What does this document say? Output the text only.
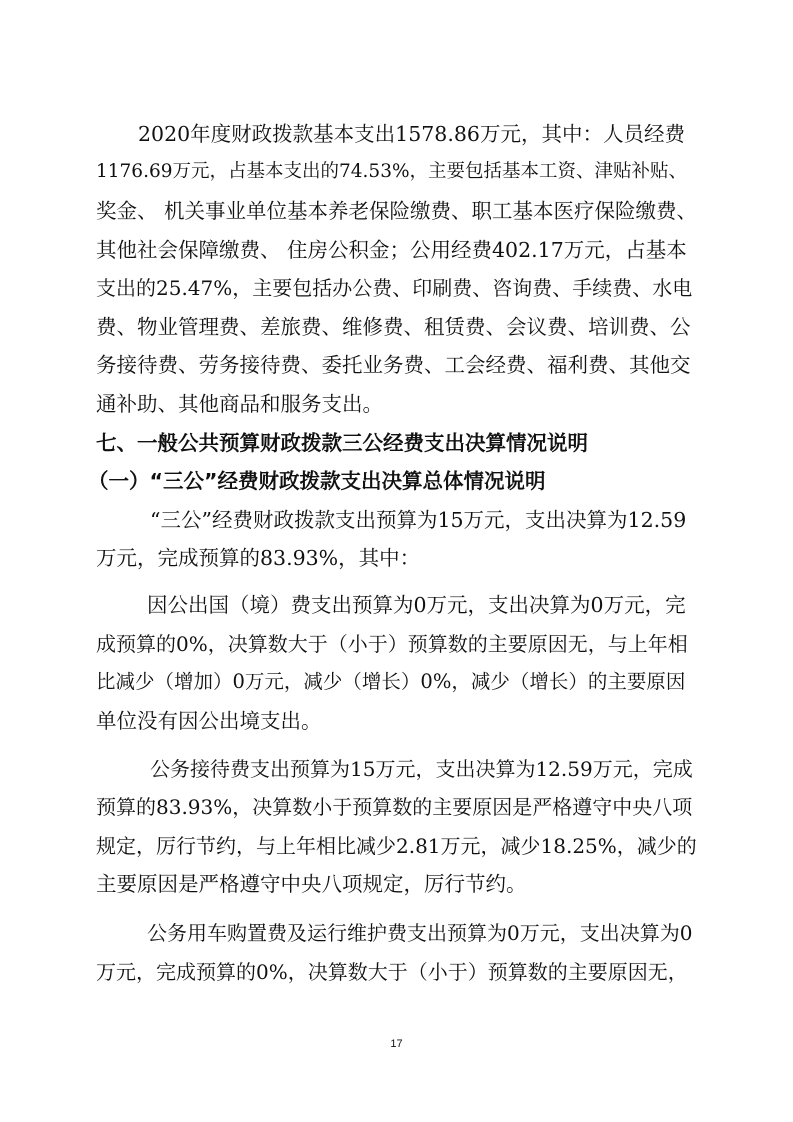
2020年度财政拨款基本支出1578.86万元，其中：人员经费
1176.69万元，占基本支出的74.53%，主要包括基本工资、津贴补贴、
奖金、 机关事业单位基本养老保险缴费、职工基本医疗保险缴费、
其他社会保障缴费、 住房公积金；公用经费402.17万元，占基本
支出的25.47%，主要包括办公费、印刷费、咨询费、手续费、水电
费、物业管理费、差旅费、维修费、租赁费、会议费、培训费、公
务接待费、劳务接待费、委托业务费、工会经费、福利费、其他交
通补助、其他商品和服务支出。
七、一般公共预算财政拨款三公经费支出决算情况说明
（一）“三公”经费财政拨款支出决算总体情况说明
“三公”经费财政拨款支出预算为15万元，支出决算为12.59
万元，完成预算的83.93%，其中：
因公出国（境）费支出预算为0万元，支出决算为0万元，完
成预算的0%，决算数大于（小于）预算数的主要原因无，与上年相
比减少（增加）0万元，减少（增长）0%，减少（增长）的主要原因
单位没有因公出境支出。
公务接待费支出预算为15万元，支出决算为12.59万元，完成
预算的83.93%，决算数小于预算数的主要原因是严格遵守中央八项
规定，厉行节约，与上年相比减少2.81万元，减少18.25%，减少的
主要原因是严格遵守中央八项规定，厉行节约。
公务用车购置费及运行维护费支出预算为0万元，支出决算为0
万元，完成预算的0%，决算数大于（小于）预算数的主要原因无，
17
